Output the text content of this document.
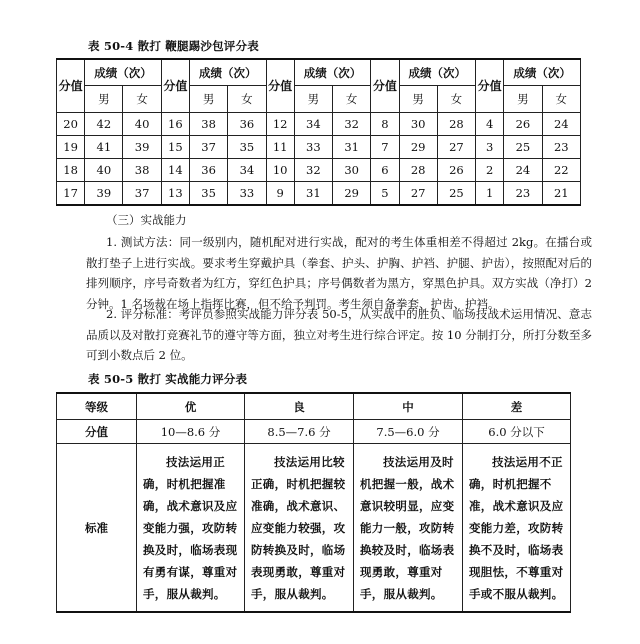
表 50-4 散打 鞭腿踢沙包评分表
分值	成绩（次）		分值	成绩（次）		分值	成绩（次）		分值	成绩（次）		分值	成绩（次）	
	男	女		男	女		男	女		男	女		男	女
20	42	40	16	38	36	12	34	32	8	30	28	4	26	24
19	41	39	15	37	35	11	33	31	7	29	27	3	25	23
18	40	38	14	36	34	10	32	30	6	28	26	2	24	22
17	39	37	13	35	33	9	31	29	5	27	25	1	23	21
（三）实战能力
1. 测试方法：同一级别内，随机配对进行实战，配对的考生体重相差不得超过 2kg。在擂台或散打垫子上进行实战。要求考生穿戴护具（拳套、护头、护胸、护裆、护腿、护齿），按照配对后的排列顺序，序号奇数者为红方，穿红色护具；序号偶数者为黑方，穿黑色护具。双方实战（净打）2 分钟。1 名场裁在场上指挥比赛，但不给予判罚。考生须自备拳套、护齿、护裆。
2. 评分标准：考评员参照实战能力评分表 50-5，从实战中的胜负、临场技战术运用情况、意志品质以及对散打竞赛礼节的遵守等方面，独立对考生进行综合评定。按 10 分制打分，所打分数至多可到小数点后 2 位。
表 50-5 散打 实战能力评分表
等级	优	良	中	差
分值	10—8.6 分	8.5—7.6 分	7.5—6.0 分	6.0 分以下
标准	技法运用正确，时机把握准确，战术意识及应变能力强，攻防转换及时，临场表现有勇有谋，尊重对手，服从裁判。	技法运用比较正确，时机把握较准确，战术意识、应变能力较强，攻防转换及时，临场表现勇敢，尊重对手，服从裁判。	技法运用及时机把握一般，战术意识较明显，应变能力一般，攻防转换较及时，临场表现勇敢，尊重对手，服从裁判。	技法运用不正确，时机把握不准，战术意识及应变能力差，攻防转换不及时，临场表现胆怯，不尊重对手或不服从裁判。
